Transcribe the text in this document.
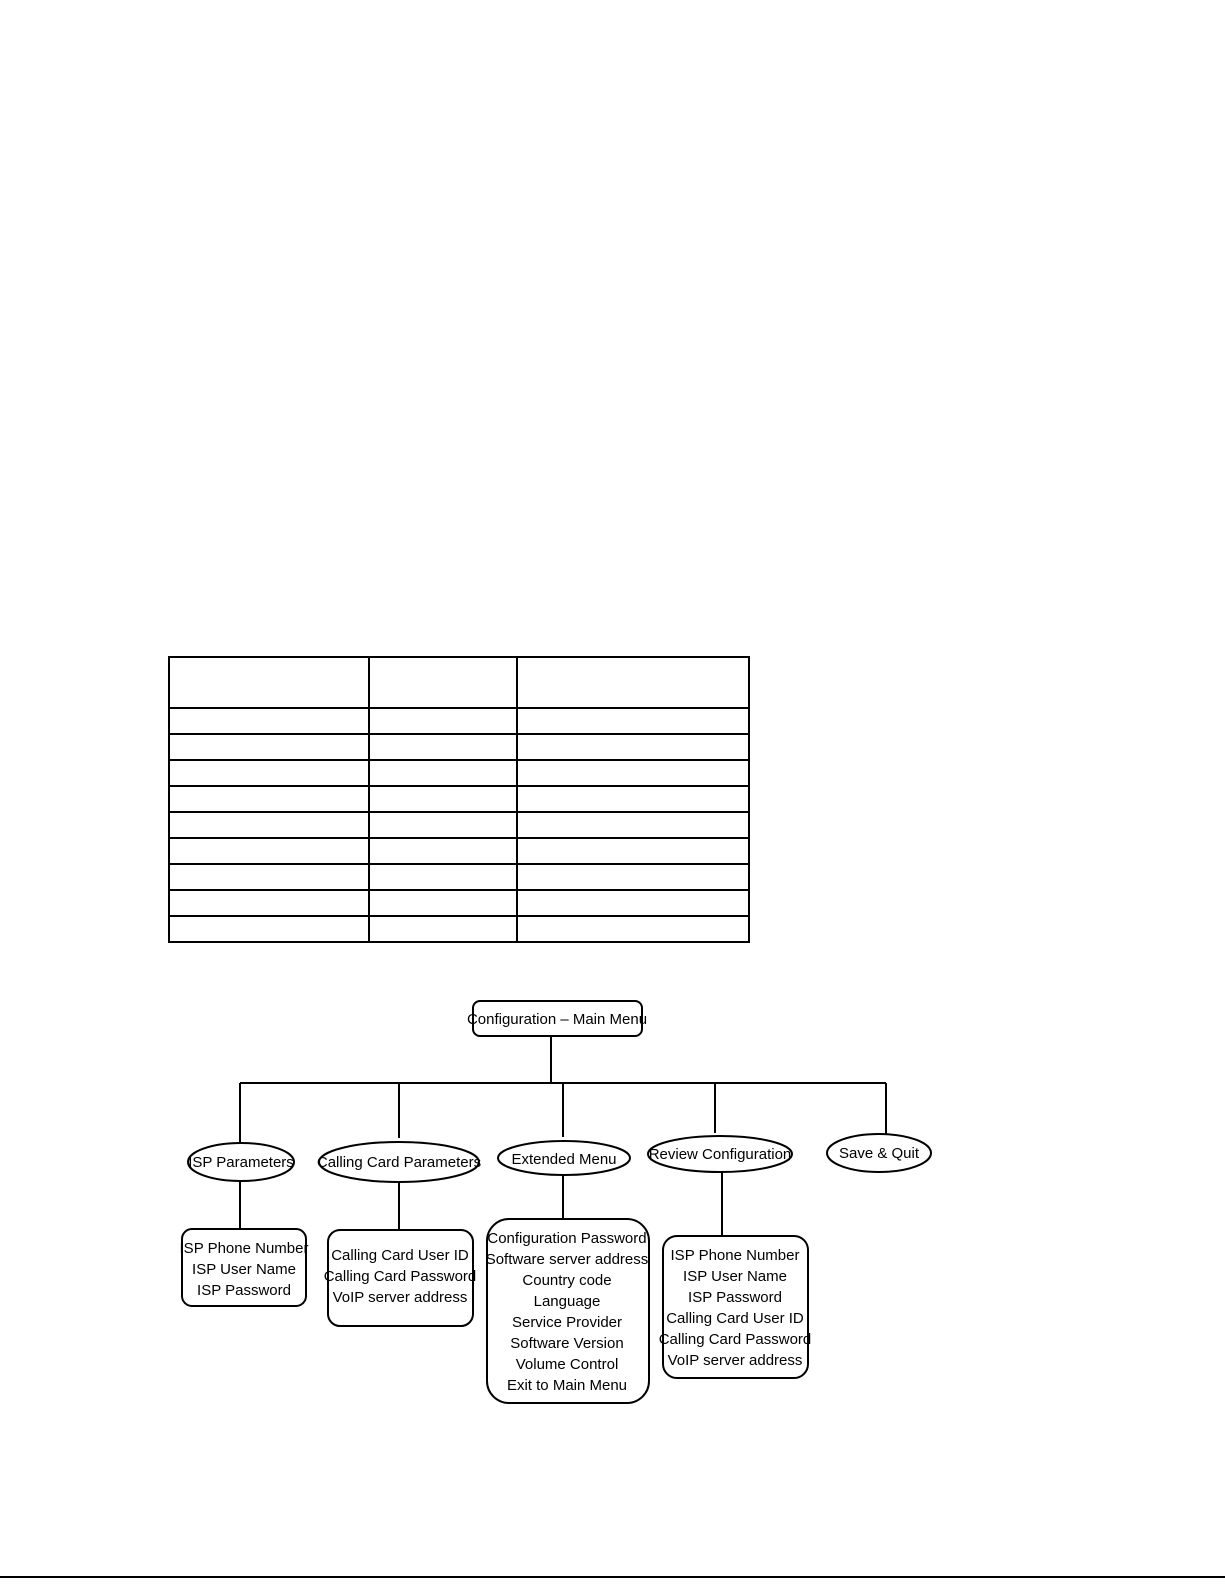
Configuration – Main Menu
ISP Parameters Calling Card Parameters Extended Menu Review Configuration	Save & Quit
ISP Phone Number
ISP User Name
ISP Password
Calling Card User ID
Calling Card Password
VoIP server address
Configuration Password
Software server address
Country code
Language
Service Provider
Software Version
Volume Control
Exit to Main Menu
ISP Phone Number
ISP User Name
ISP Password
Calling Card User ID
Calling Card Password
VoIP server address
